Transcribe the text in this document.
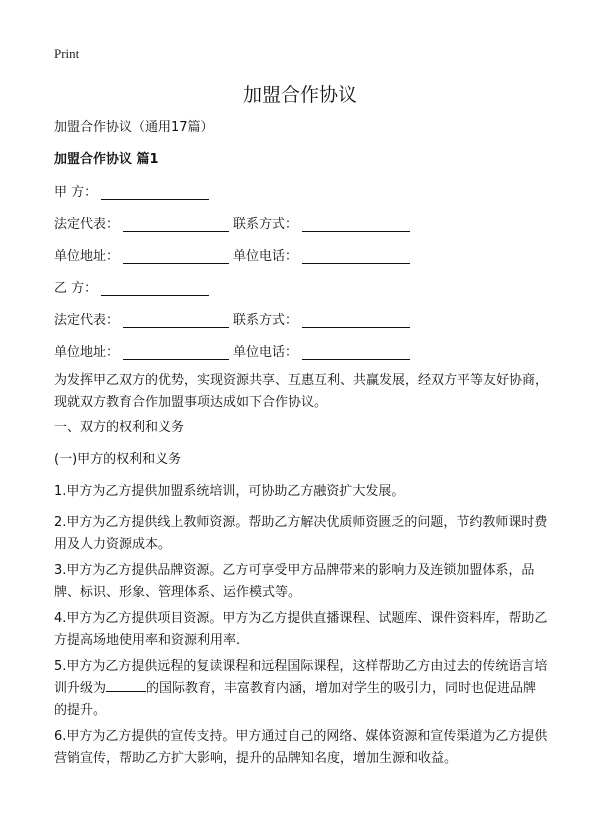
Print
加盟合作协议

加盟合作协议（通用17篇）

加盟合作协议 篇1

甲 方：
法定代表：	联系方式：
单位地址：	单位电话：
乙 方：
法定代表：	联系方式：
单位地址：	单位电话：

为发挥甲乙双方的优势，实现资源共享、互惠互利、共赢发展，经双方平等友好协商，现就双方教育合作加盟事项达成如下合作协议。

一、双方的权利和义务

(一)甲方的权利和义务

1.甲方为乙方提供加盟系统培训，可协助乙方融资扩大发展。

2.甲方为乙方提供线上教师资源。帮助乙方解决优质师资匮乏的问题，节约教师课时费用及人力资源成本。

3.甲方为乙方提供品牌资源。乙方可享受甲方品牌带来的影响力及连锁加盟体系，品牌、标识、形象、管理体系、运作模式等。

4.甲方为乙方提供项目资源。甲方为乙方提供直播课程、试题库、课件资料库，帮助乙方提高场地使用率和资源利用率.

5.甲方为乙方提供远程的复读课程和远程国际课程，这样帮助乙方由过去的传统语言培训升级为	的国际教育，丰富教育内涵，增加对学生的吸引力，同时也促进品牌的提升。

6.甲方为乙方提供的宣传支持。甲方通过自己的网络、媒体资源和宣传渠道为乙方提供营销宣传，帮助乙方扩大影响，提升的品牌知名度，增加生源和收益。
